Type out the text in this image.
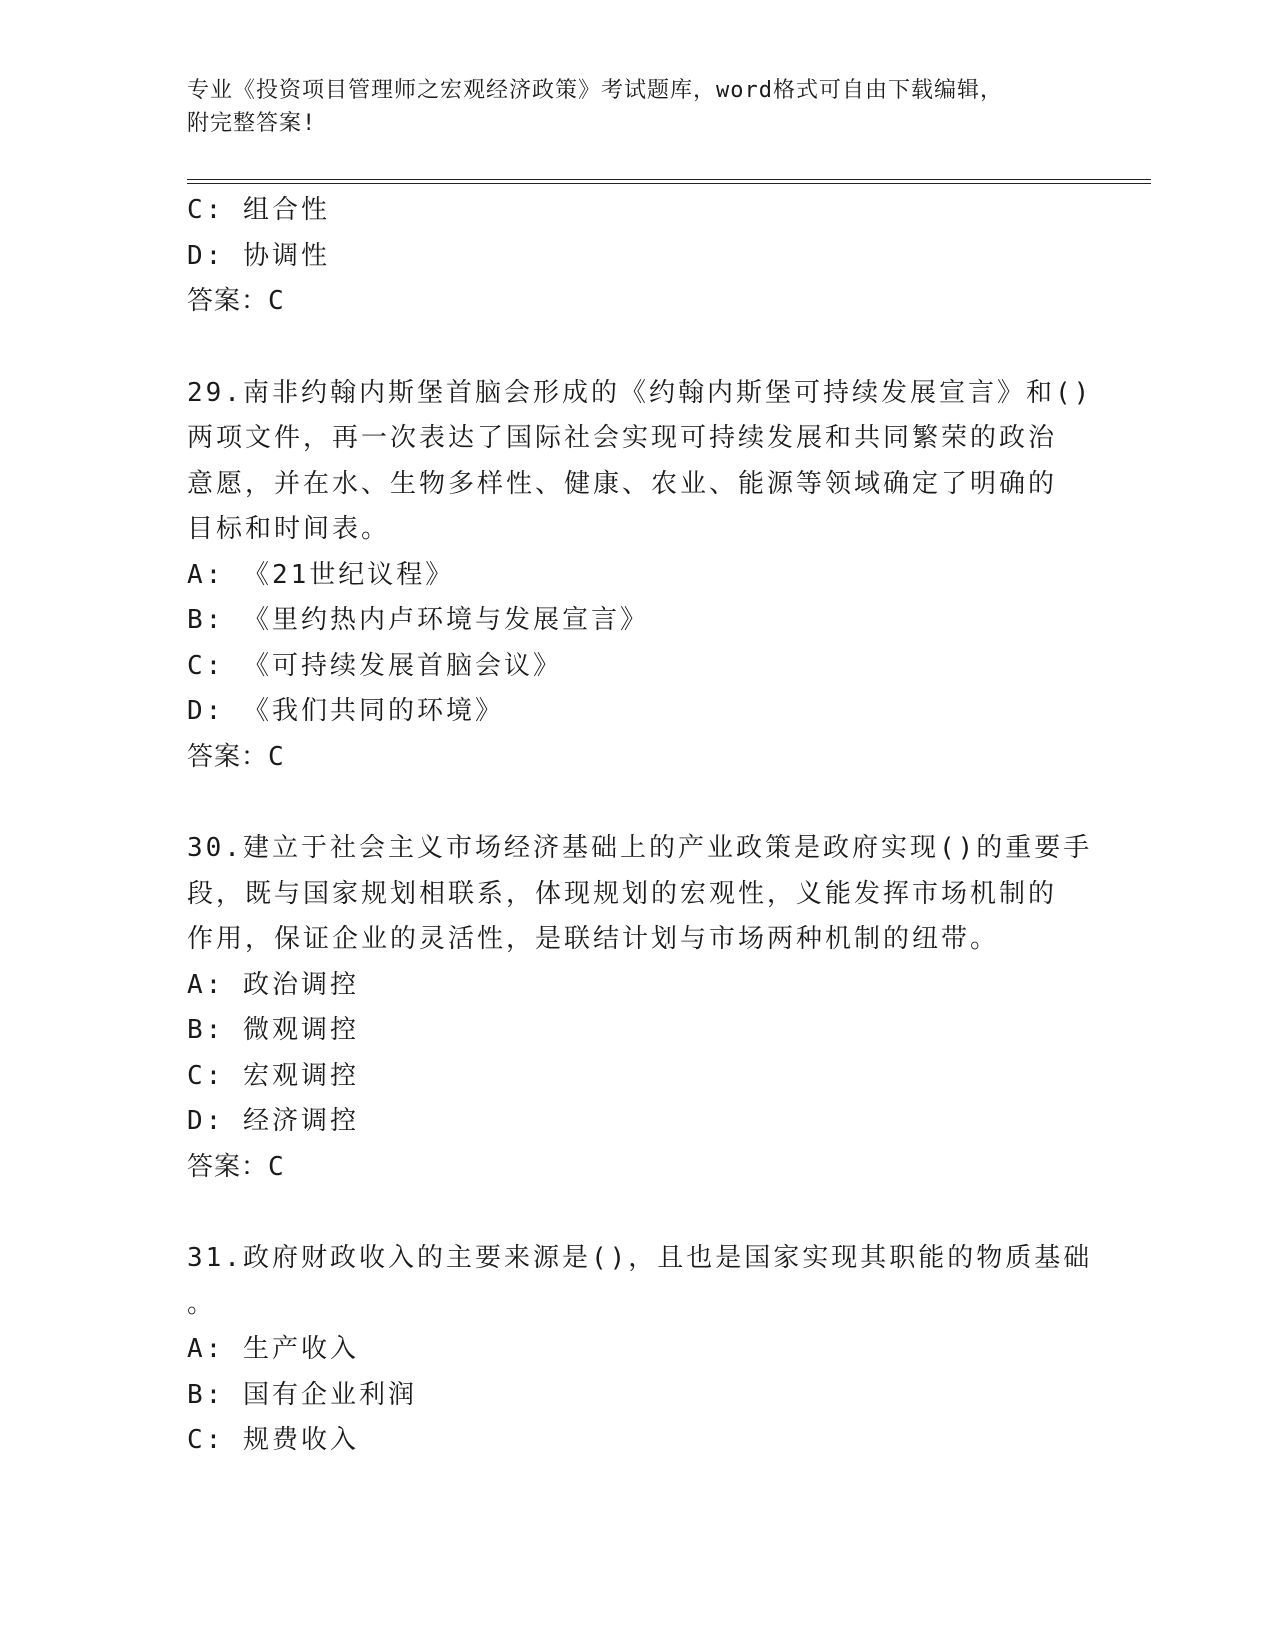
专业《投资项目管理师之宏观经济政策》考试题库，word格式可自由下载编辑，
附完整答案!
C: 组合性
D: 协调性
答案：C
29.南非约翰内斯堡首脑会形成的《约翰内斯堡可持续发展宣言》和()
两项文件，再一次表达了国际社会实现可持续发展和共同繁荣的政治
意愿，并在水、生物多样性、健康、农业、能源等领域确定了明确的
目标和时间表。
A: 《21世纪议程》
B: 《里约热内卢环境与发展宣言》
C: 《可持续发展首脑会议》
D: 《我们共同的环境》
答案：C
30.建立于社会主义市场经济基础上的产业政策是政府实现()的重要手
段，既与国家规划相联系，体现规划的宏观性，义能发挥市场机制的
作用，保证企业的灵活性，是联结计划与市场两种机制的纽带。
A: 政治调控
B: 微观调控
C: 宏观调控
D: 经济调控
答案：C
31.政府财政收入的主要来源是()，且也是国家实现其职能的物质基础
。
A: 生产收入
B: 国有企业利润
C: 规费收入
